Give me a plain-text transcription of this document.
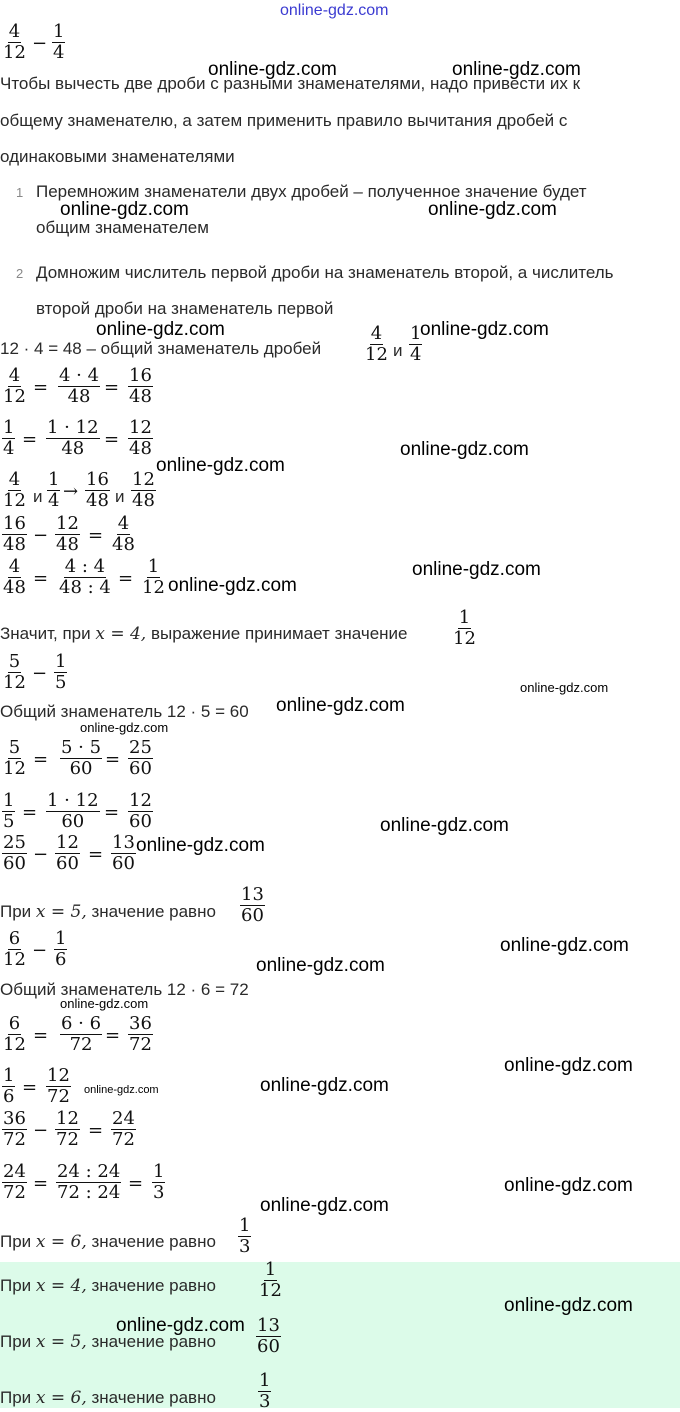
online-gdz.com
4
12 −
1
4
Чтобы вычесть две дроби с разными знаменателями, надо привести их к
общему знаменателю, а затем применить правило вычитания дробей с
одинаковыми знаменателями
1 Перемножим знаменатели двух дробей – полученное значение будет
общим знаменателем
2 Домножим числитель первой дроби на знаменатель второй, а числитель
второй дроби на знаменатель первой
12 · 4 = 48 – общий знаменатель дробей
4
12 и
1
4
4
12 =
4 · 4
48 =
16
48
1
4 =
1 · 12
48 =
12
48
4
12 и
1
4 →
16
48 и
12
48
16
48 −
12
48 =
4
48
4
48 =
4 : 4
48 : 4 =
1
12
Значит, при x = 4, выражение принимает значение
1
12
5
12 −
1
5
Общий знаменатель 12 · 5 = 60
5
12 =
5 · 5
60 =
25
60
1
5 =
1 · 12
60 =
12
60
25
60 −
12
60 =
13
60
При x = 5, значение равно
13
60
6
12 −
1
6
Общий знаменатель 12 · 6 = 72
6
12 =
6 · 6
72 =
36
72
1
6 =
12
72
36
72 −
12
72 =
24
72
24
72 =
24 : 24
72 : 24 =
1
3
При x = 6, значение равно
1
3
При x = 4, значение равно
1
12
При x = 5, значение равно
13
60
При x = 6, значение равно
1
3
online-gdz.com	online-gdz.com
online-gdz.com	online-gdz.com
online-gdz.com	online-gdz.com
online-gdz.com
online-gdz.com
online-gdz.com
online-gdz.com
online-gdz.com
online-gdz.com
online-gdz.com
online-gdz.com
online-gdz.com
online-gdz.com
online-gdz.com
online-gdz.com
online-gdz.com
online-gdz.com
online-gdz.com
online-gdz.com
online-gdz.com
online-gdz.com
online-gdz.com
